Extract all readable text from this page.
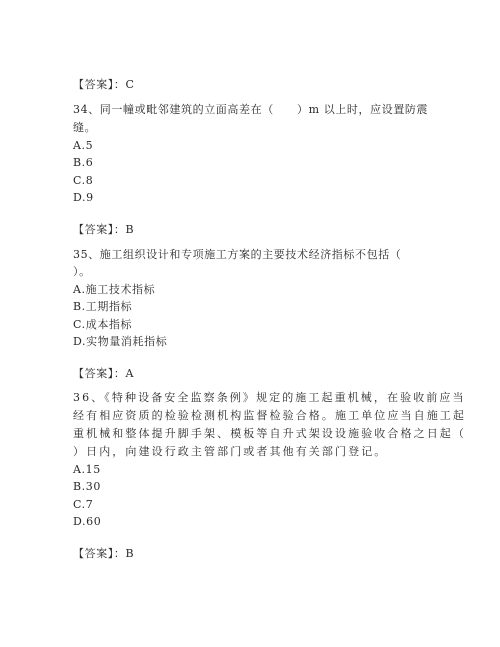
【答案】：C
34、同一幢或毗邻建筑的立面高差在（　　）m 以上时，应设置防震
缝。
A.5
B.6
C.8
D.9
【答案】：B
35、施工组织设计和专项施工方案的主要技术经济指标不包括（
）。
A.施工技术指标
B.工期指标
C.成本指标
D.实物量消耗指标
【答案】：A
36、《特种设备安全监察条例》规定的施工起重机械，在验收前应当
经有相应资质的检验检测机构监督检验合格。施工单位应当自施工起
重机械和整体提升脚手架、模板等自升式架设设施验收合格之日起（
）日内，向建设行政主管部门或者其他有关部门登记。
A.15
B.30
C.7
D.60
【答案】：B
